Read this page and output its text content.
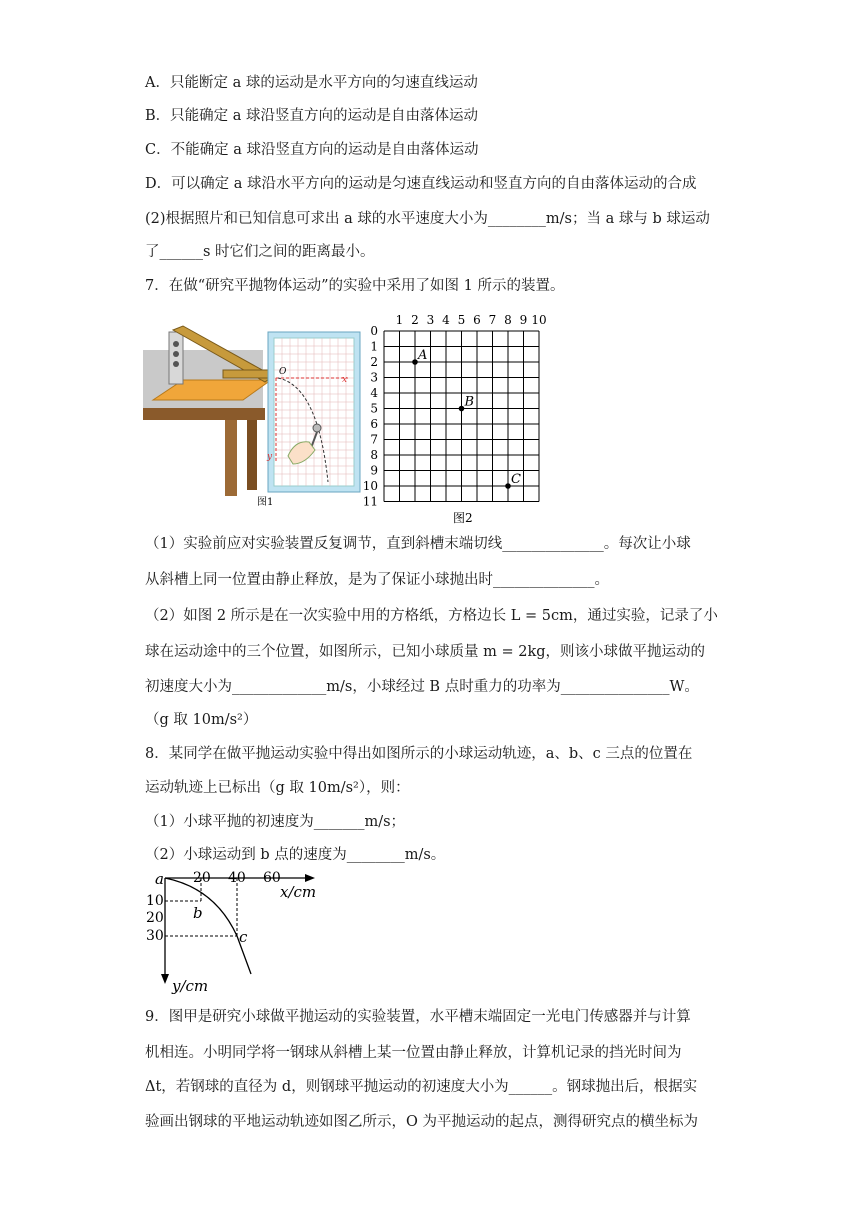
A．只能断定 a 球的运动是水平方向的匀速直线运动
B．只能确定 a 球沿竖直方向的运动是自由落体运动
C．不能确定 a 球沿竖直方向的运动是自由落体运动
D．可以确定 a 球沿水平方向的运动是匀速直线运动和竖直方向的自由落体运动的合成
(2)根据照片和已知信息可求出 a 球的水平速度大小为________m/s；当 a 球与 b 球运动
了______s 时它们之间的距离最小。
7．在做“研究平抛物体运动”的实验中采用了如图 1 所示的装置。
O
x
y
图1
1 2 3 4 5 6 7 8 9 10
0
1
2
3
4
5
6
7
8
9
10
11
A
B
C
图2
（1）实验前应对实验装置反复调节，直到斜槽末端切线______________。每次让小球
从斜槽上同一位置由静止释放，是为了保证小球抛出时______________。
（2）如图 2 所示是在一次实验中用的方格纸，方格边长 L = 5cm，通过实验，记录了小
球在运动途中的三个位置，如图所示，已知小球质量 m = 2kg，则该小球做平抛运动的
初速度大小为_____________m/s，小球经过 B 点时重力的功率为_______________W。
（g 取 10m/s²）
8．某同学在做平抛运动实验中得出如图所示的小球运动轨迹，a、b、c 三点的位置在
运动轨迹上已标出（g 取 10m/s²），则：
（1）小球平抛的初速度为_______m/s；
（2）小球运动到 b 点的速度为________m/s。
a 20 40 60
x/cm
10
20
30
y/cm
b
c
9．图甲是研究小球做平抛运动的实验装置，水平槽末端固定一光电门传感器并与计算
机相连。小明同学将一钢球从斜槽上某一位置由静止释放，计算机记录的挡光时间为
Δt，若钢球的直径为 d，则钢球平抛运动的初速度大小为______。钢球抛出后，根据实
验画出钢球的平地运动轨迹如图乙所示，O 为平抛运动的起点，测得研究点的横坐标为
